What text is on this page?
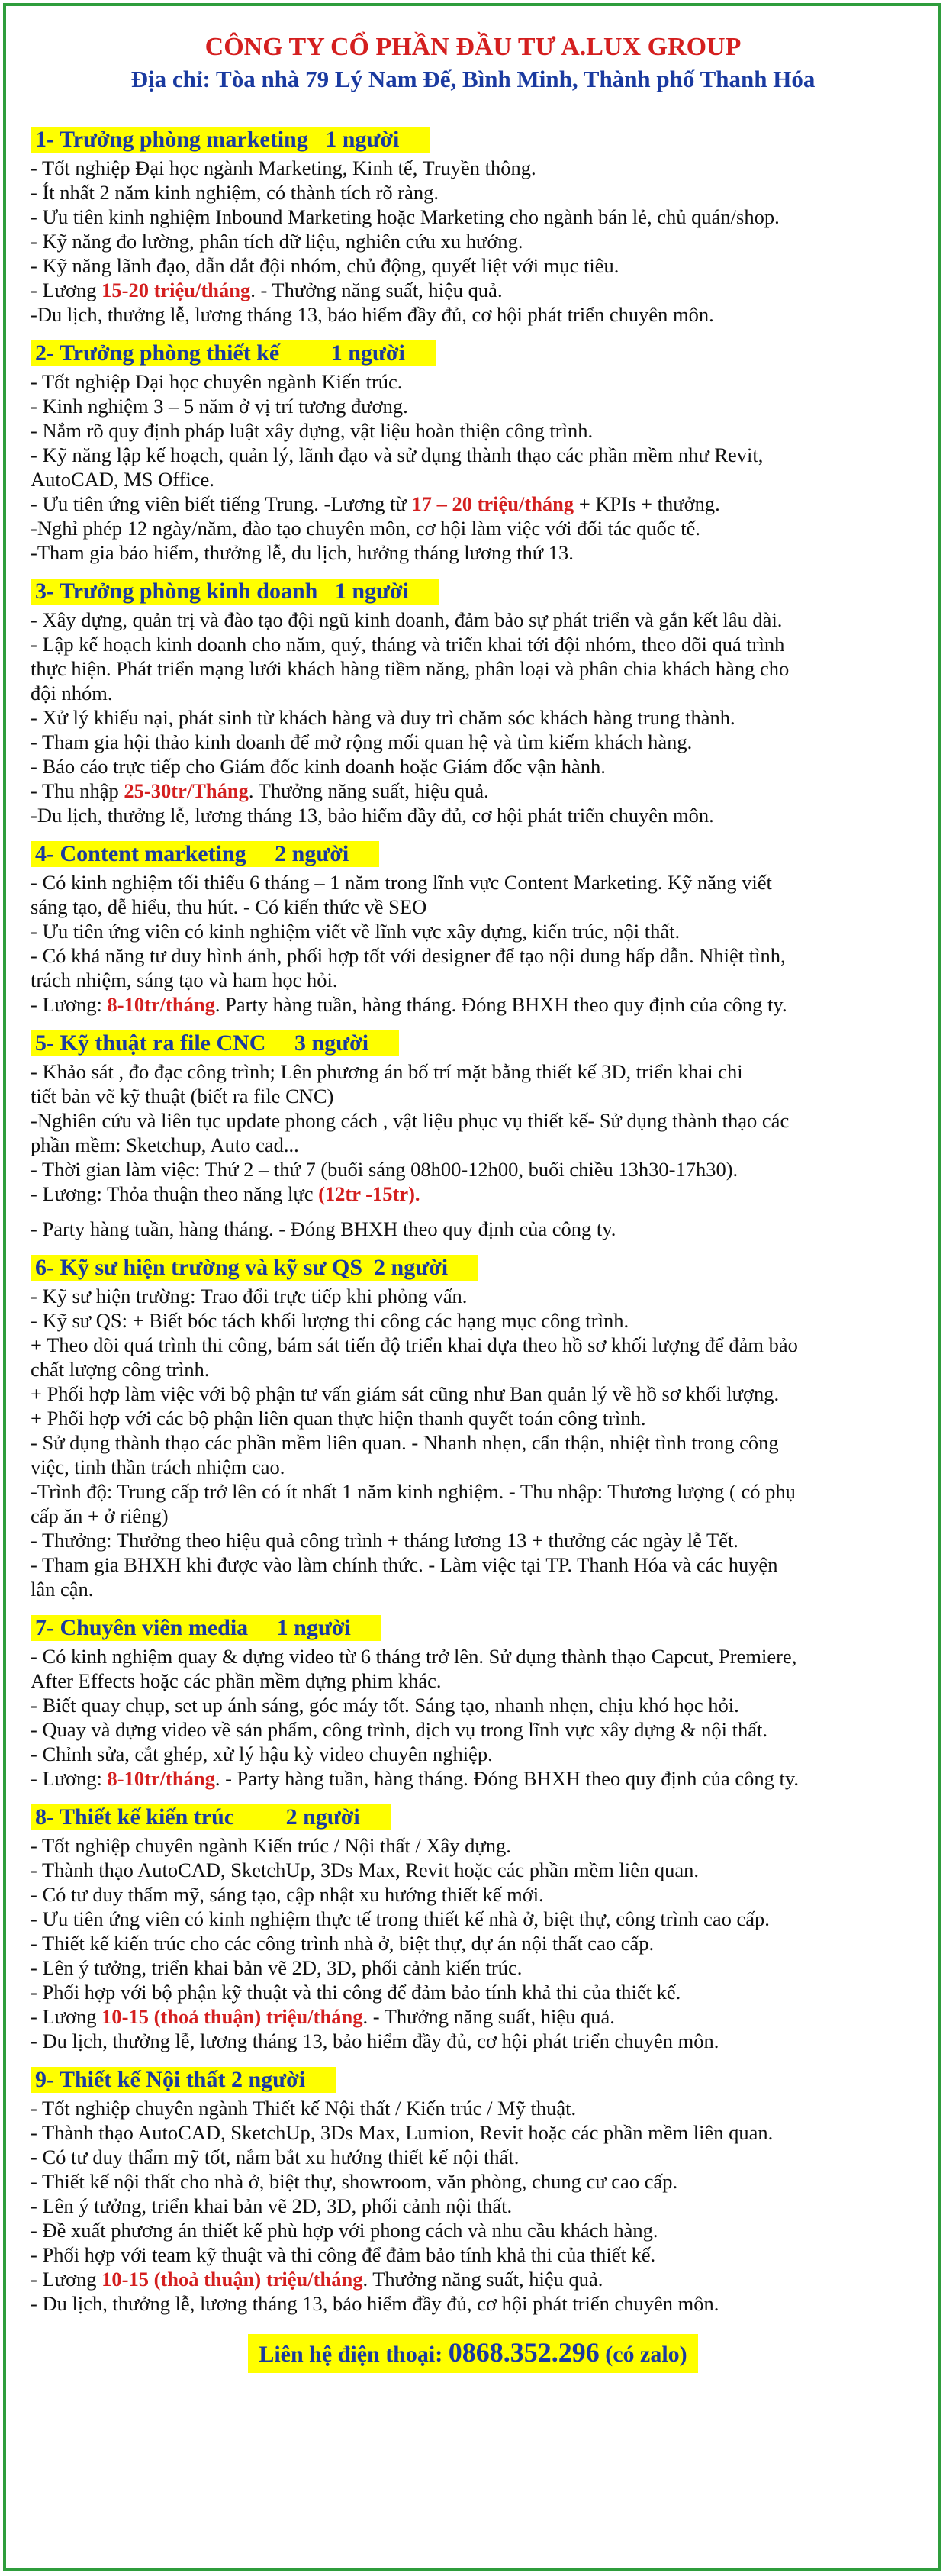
CÔNG TY CỔ PHẦN ĐẦU TƯ A.LUX GROUP

Địa chỉ: Tòa nhà 79 Lý Nam Đế, Bình Minh, Thành phố Thanh Hóa

1- Trưởng phòng marketing   1 người

- Tốt nghiệp Đại học ngành Marketing, Kinh tế, Truyền thông.

- Ít nhất 2 năm kinh nghiệm, có thành tích rõ ràng.

- Ưu tiên kinh nghiệm Inbound Marketing hoặc Marketing cho ngành bán lẻ, chủ quán/shop.

- Kỹ năng đo lường, phân tích dữ liệu, nghiên cứu xu hướng.

- Kỹ năng lãnh đạo, dẫn dắt đội nhóm, chủ động, quyết liệt với mục tiêu.

- Lương 15-20 triệu/tháng. - Thưởng năng suất, hiệu quả.

-Du lịch, thưởng lễ, lương tháng 13, bảo hiểm đầy đủ, cơ hội phát triển chuyên môn.

2- Trưởng phòng thiết kế         1 người

- Tốt nghiệp Đại học chuyên ngành Kiến trúc.

- Kinh nghiệm 3 – 5 năm ở vị trí tương đương.

- Nắm rõ quy định pháp luật xây dựng, vật liệu hoàn thiện công trình.

- Kỹ năng lập kế hoạch, quản lý, lãnh đạo và sử dụng thành thạo các phần mềm như Revit,

AutoCAD, MS Office.

- Ưu tiên ứng viên biết tiếng Trung. -Lương từ 17 – 20 triệu/tháng + KPIs + thưởng.

-Nghỉ phép 12 ngày/năm, đào tạo chuyên môn, cơ hội làm việc với đối tác quốc tế.

-Tham gia bảo hiểm, thưởng lễ, du lịch, hưởng tháng lương thứ 13.

3- Trưởng phòng kinh doanh   1 người

- Xây dựng, quản trị và đào tạo đội ngũ kinh doanh, đảm bảo sự phát triển và gắn kết lâu dài.

- Lập kế hoạch kinh doanh cho năm, quý, tháng và triển khai tới đội nhóm, theo dõi quá trình

thực hiện. Phát triển mạng lưới khách hàng tiềm năng, phân loại và phân chia khách hàng cho

đội nhóm.

- Xử lý khiếu nại, phát sinh từ khách hàng và duy trì chăm sóc khách hàng trung thành.

- Tham gia hội thảo kinh doanh để mở rộng mối quan hệ và tìm kiếm khách hàng.

- Báo cáo trực tiếp cho Giám đốc kinh doanh hoặc Giám đốc vận hành.

- Thu nhập 25-30tr/Tháng. Thưởng năng suất, hiệu quả.

-Du lịch, thưởng lễ, lương tháng 13, bảo hiểm đầy đủ, cơ hội phát triển chuyên môn.

4- Content marketing     2 người

- Có kinh nghiệm tối thiểu 6 tháng – 1 năm trong lĩnh vực Content Marketing. Kỹ năng viết

sáng tạo, dễ hiểu, thu hút. - Có kiến thức về SEO

- Ưu tiên ứng viên có kinh nghiệm viết về lĩnh vực xây dựng, kiến trúc, nội thất.

- Có khả năng tư duy hình ảnh, phối hợp tốt với designer để tạo nội dung hấp dẫn. Nhiệt tình,

trách nhiệm, sáng tạo và ham học hỏi.

- Lương: 8-10tr/tháng. Party hàng tuần, hàng tháng. Đóng BHXH theo quy định của công ty.

5- Kỹ thuật ra file CNC     3 người

- Khảo sát , đo đạc công trình; Lên phương án bố trí mặt bằng thiết kế 3D, triển khai chi

tiết bản vẽ kỹ thuật (biết ra file CNC)

-Nghiên cứu và liên tục update phong cách , vật liệu phục vụ thiết kế- Sử dụng thành thạo các

phần mềm: Sketchup, Auto cad...

- Thời gian làm việc: Thứ 2 – thứ 7 (buổi sáng 08h00-12h00, buổi chiều 13h30-17h30).

- Lương: Thỏa thuận theo năng lực (12tr -15tr).

- Party hàng tuần, hàng tháng. - Đóng BHXH theo quy định của công ty.

6- Kỹ sư hiện trường và kỹ sư QS  2 người

- Kỹ sư hiện trường: Trao đổi trực tiếp khi phỏng vấn.

- Kỹ sư QS: + Biết bóc tách khối lượng thi công các hạng mục công trình.

+ Theo dõi quá trình thi công, bám sát tiến độ triển khai dựa theo hồ sơ khối lượng để đảm bảo

chất lượng công trình.

+ Phối hợp làm việc với bộ phận tư vấn giám sát cũng như Ban quản lý về hồ sơ khối lượng.

+ Phối hợp với các bộ phận liên quan thực hiện thanh quyết toán công trình.

- Sử dụng thành thạo các phần mềm liên quan. - Nhanh nhẹn, cẩn thận, nhiệt tình trong công

việc, tinh thần trách nhiệm cao.

-Trình độ: Trung cấp trở lên có ít nhất 1 năm kinh nghiệm. - Thu nhập: Thương lượng ( có phụ

cấp ăn + ở riêng)

- Thưởng: Thưởng theo hiệu quả công trình + tháng lương 13 + thưởng các ngày lễ Tết.

- Tham gia BHXH khi được vào làm chính thức. - Làm việc tại TP. Thanh Hóa và các huyện

lân cận.

7- Chuyên viên media     1 người

- Có kinh nghiệm quay & dựng video từ 6 tháng trở lên. Sử dụng thành thạo Capcut, Premiere,

After Effects hoặc các phần mềm dựng phim khác.

- Biết quay chụp, set up ánh sáng, góc máy tốt. Sáng tạo, nhanh nhẹn, chịu khó học hỏi.

- Quay và dựng video về sản phẩm, công trình, dịch vụ trong lĩnh vực xây dựng & nội thất.

- Chỉnh sửa, cắt ghép, xử lý hậu kỳ video chuyên nghiệp.

- Lương: 8-10tr/tháng. - Party hàng tuần, hàng tháng. Đóng BHXH theo quy định của công ty.

8- Thiết kế kiến trúc         2 người

- Tốt nghiệp chuyên ngành Kiến trúc / Nội thất / Xây dựng.

- Thành thạo AutoCAD, SketchUp, 3Ds Max, Revit hoặc các phần mềm liên quan.

- Có tư duy thẩm mỹ, sáng tạo, cập nhật xu hướng thiết kế mới.

- Ưu tiên ứng viên có kinh nghiệm thực tế trong thiết kế nhà ở, biệt thự, công trình cao cấp.

- Thiết kế kiến trúc cho các công trình nhà ở, biệt thự, dự án nội thất cao cấp.

- Lên ý tưởng, triển khai bản vẽ 2D, 3D, phối cảnh kiến trúc.

- Phối hợp với bộ phận kỹ thuật và thi công để đảm bảo tính khả thi của thiết kế.

- Lương 10-15 (thoả thuận) triệu/tháng. - Thưởng năng suất, hiệu quả.

- Du lịch, thưởng lễ, lương tháng 13, bảo hiểm đầy đủ, cơ hội phát triển chuyên môn.

9- Thiết kế Nội thất 2 người

- Tốt nghiệp chuyên ngành Thiết kế Nội thất / Kiến trúc / Mỹ thuật.

- Thành thạo AutoCAD, SketchUp, 3Ds Max, Lumion, Revit hoặc các phần mềm liên quan.

- Có tư duy thẩm mỹ tốt, nắm bắt xu hướng thiết kế nội thất.

- Thiết kế nội thất cho nhà ở, biệt thự, showroom, văn phòng, chung cư cao cấp.

- Lên ý tưởng, triển khai bản vẽ 2D, 3D, phối cảnh nội thất.

- Đề xuất phương án thiết kế phù hợp với phong cách và nhu cầu khách hàng.

- Phối hợp với team kỹ thuật và thi công để đảm bảo tính khả thi của thiết kế.

- Lương 10-15 (thoả thuận) triệu/tháng. Thưởng năng suất, hiệu quả.

- Du lịch, thưởng lễ, lương tháng 13, bảo hiểm đầy đủ, cơ hội phát triển chuyên môn.

Liên hệ điện thoại: 0868.352.296 (có zalo)
